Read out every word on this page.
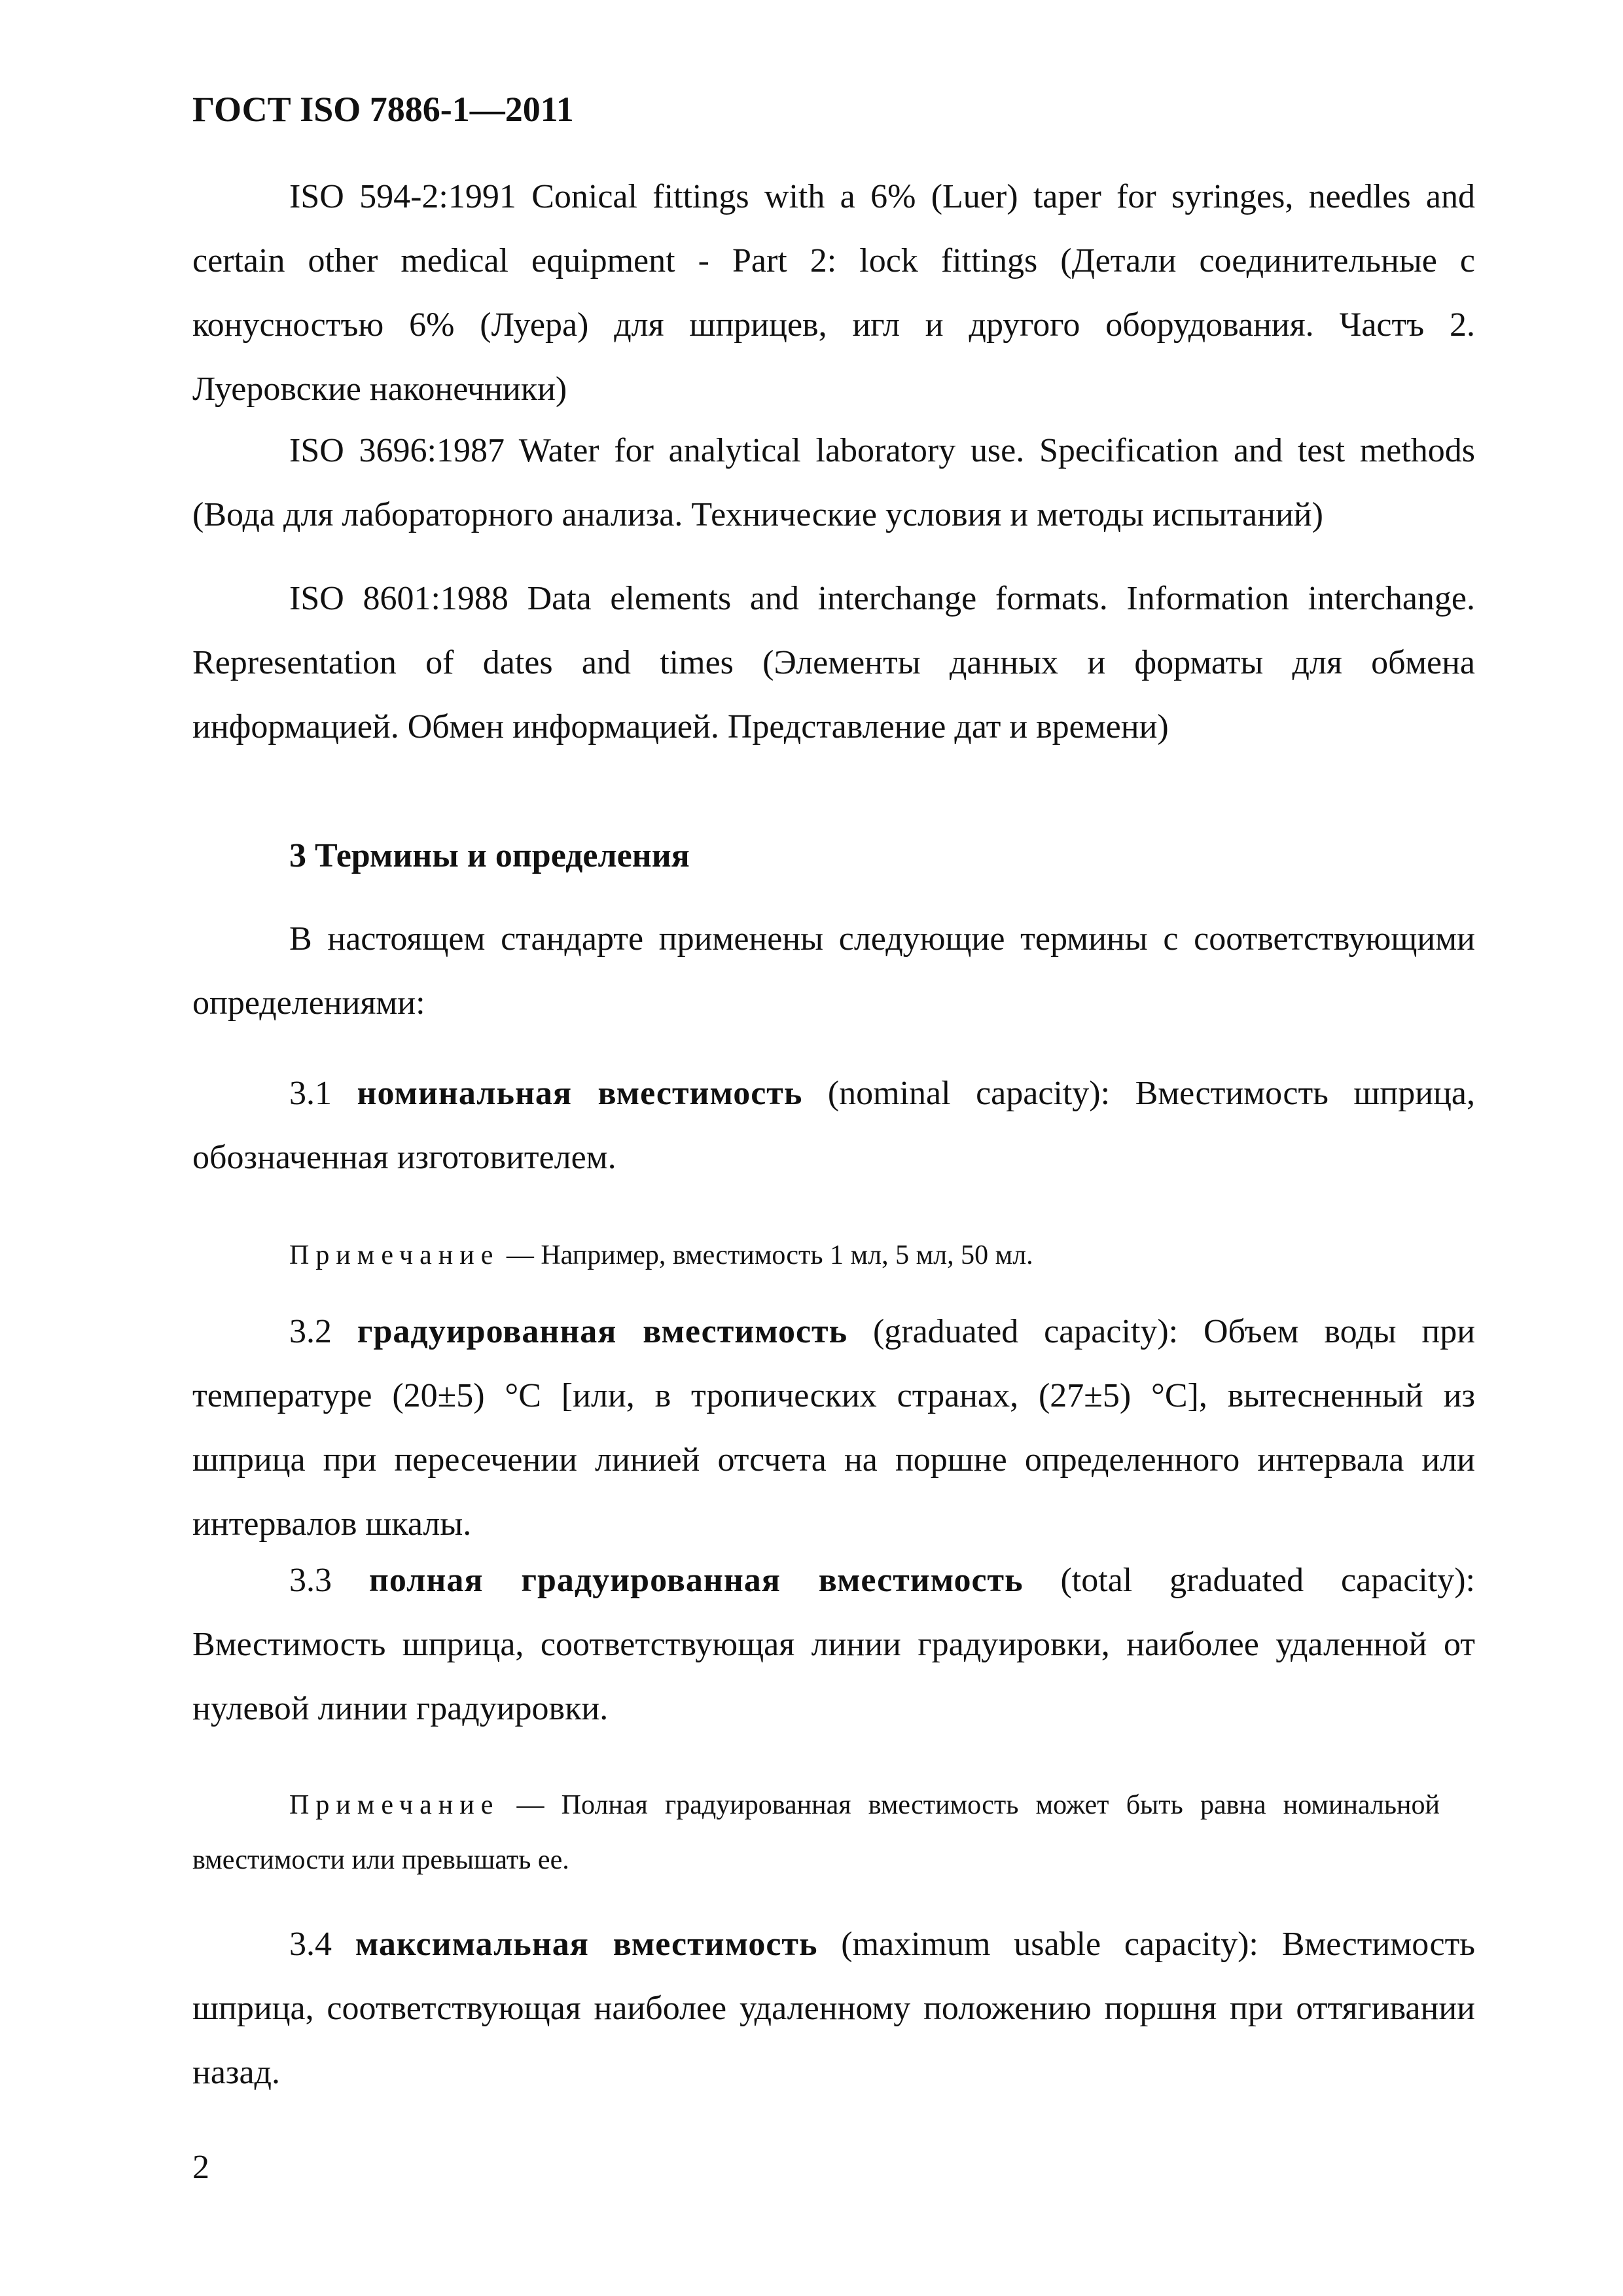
ГОСТ ISO 7886-1—2011

ISO 594-2:1991 Conical fittings with a 6% (Luer) taper for syringes, needles and certain other medical equipment - Part 2: lock fittings (Детали соединительные с конусностъю 6% (Луера) для шприцев, игл и другого оборудования. Частъ 2. Луеровские наконечники)

ISO 3696:1987 Water for analytical laboratory use. Specification and test methods (Вода для лабораторного анализа. Технические условия и методы испытаний)

ISO 8601:1988 Data elements and interchange formats. Information interchange. Representation of dates and times (Элементы данных и форматы для обмена информацией. Обмен информацией. Представление дат и времени)

3 Термины и определения

В настоящем стандарте применены следующие термины с соответствующими определениями:

3.1 номинальная вместимость (nominal capacity): Вместимость шприца, обозначенная изготовителем.

Примечание — Например, вместимость 1 мл, 5 мл, 50 мл.

3.2 градуированная вместимость (graduated capacity): Объем воды при температуре (20±5) °С [или, в тропических странах, (27±5) °С], вытесненный из шприца при пересечении линией отсчета на поршне определенного интервала или интервалов шкалы.

3.3 полная градуированная вместимость (total graduated capacity): Вместимость шприца, соответствующая линии градуировки, наиболее удаленной от нулевой линии градуировки.

Примечание — Полная градуированная вместимость может быть равна номинальной вместимости или превышать ее.

3.4 максимальная вместимость (maximum usable capacity): Вместимость шприца, соответствующая наиболее удаленному положению поршня при оттягивании назад.

2
